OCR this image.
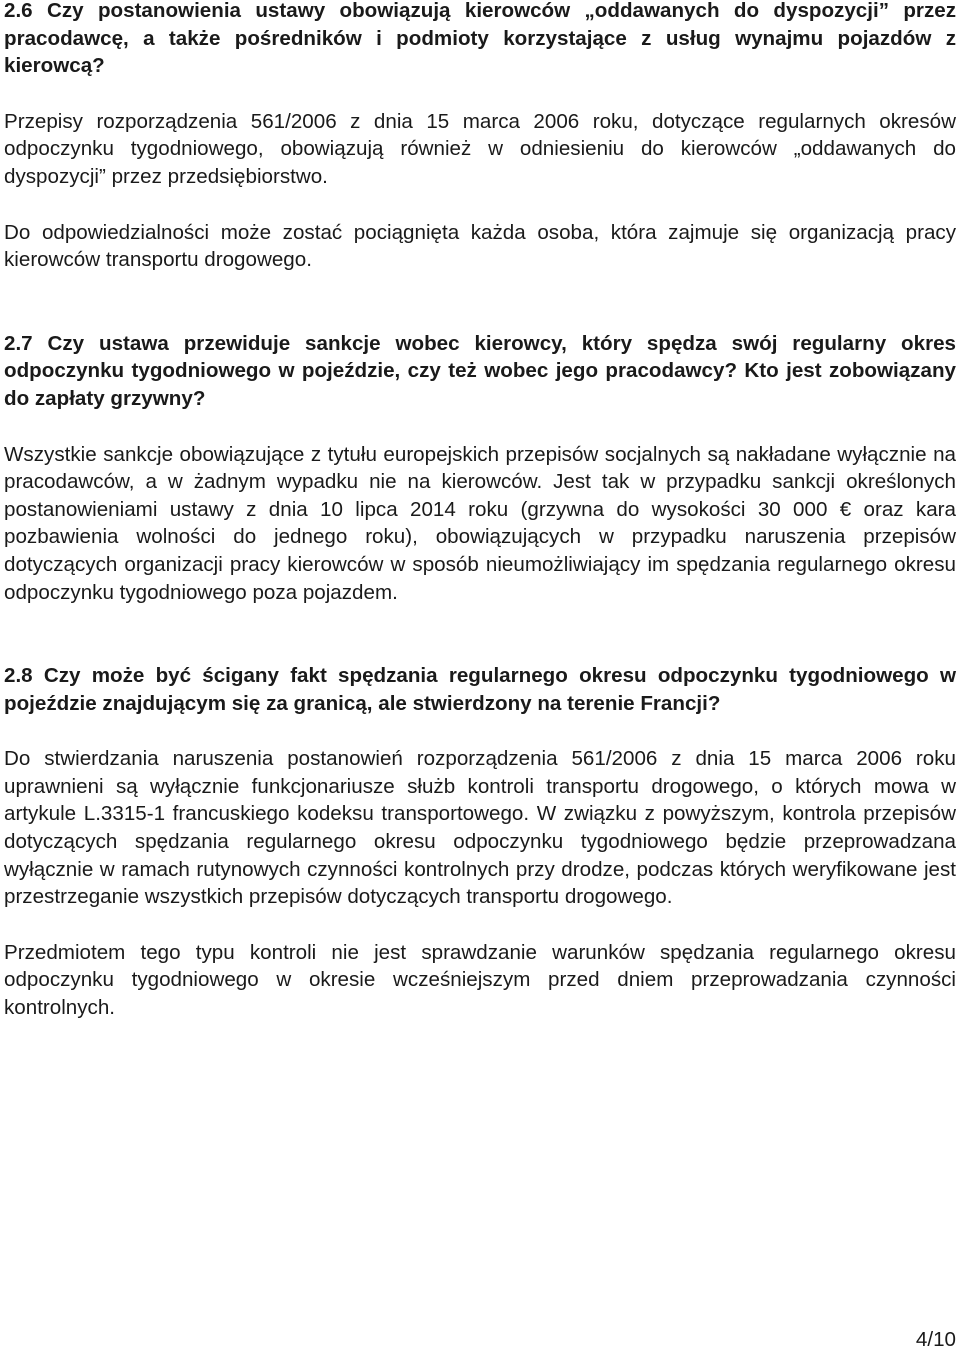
2.6 Czy postanowienia ustawy obowiązują kierowców „oddawanych do dyspozycji” przez pracodawcę, a także pośredników i podmioty korzystające z usług wynajmu pojazdów z kierowcą?

Przepisy rozporządzenia 561/2006 z dnia 15 marca 2006 roku, dotyczące regularnych okresów odpoczynku tygodniowego, obowiązują również w odniesieniu do kierowców „oddawanych do dyspozycji” przez przedsiębiorstwo.

Do odpowiedzialności może zostać pociągnięta każda osoba, która zajmuje się organizacją pracy kierowców transportu drogowego.

2.7 Czy ustawa przewiduje sankcje wobec kierowcy, który spędza swój regularny okres odpoczynku tygodniowego w pojeździe, czy też wobec jego pracodawcy? Kto jest zobowiązany do zapłaty grzywny?

Wszystkie sankcje obowiązujące z tytułu europejskich przepisów socjalnych są nakładane wyłącznie na pracodawców, a w żadnym wypadku nie na kierowców. Jest tak w przypadku sankcji określonych postanowieniami ustawy z dnia 10 lipca 2014 roku (grzywna do wysokości 30 000 € oraz kara pozbawienia wolności do jednego roku), obowiązujących w przypadku naruszenia przepisów dotyczących organizacji pracy kierowców w sposób nieumożliwiający im spędzania regularnego okresu odpoczynku tygodniowego poza pojazdem.

2.8 Czy może być ścigany fakt spędzania regularnego okresu odpoczynku tygodniowego w pojeździe znajdującym się za granicą, ale stwierdzony na terenie Francji?

Do stwierdzania naruszenia postanowień rozporządzenia 561/2006 z dnia 15 marca 2006 roku uprawnieni są wyłącznie funkcjonariusze służb kontroli transportu drogowego, o których mowa w artykule L.3315-1 francuskiego kodeksu transportowego. W związku z powyższym, kontrola przepisów dotyczących spędzania regularnego okresu odpoczynku tygodniowego będzie przeprowadzana wyłącznie w ramach rutynowych czynności kontrolnych przy drodze, podczas których weryfikowane jest przestrzeganie wszystkich przepisów dotyczących transportu drogowego.

Przedmiotem tego typu kontroli nie jest sprawdzanie warunków spędzania regularnego okresu odpoczynku tygodniowego w okresie wcześniejszym przed dniem przeprowadzania czynności kontrolnych.

4/10
